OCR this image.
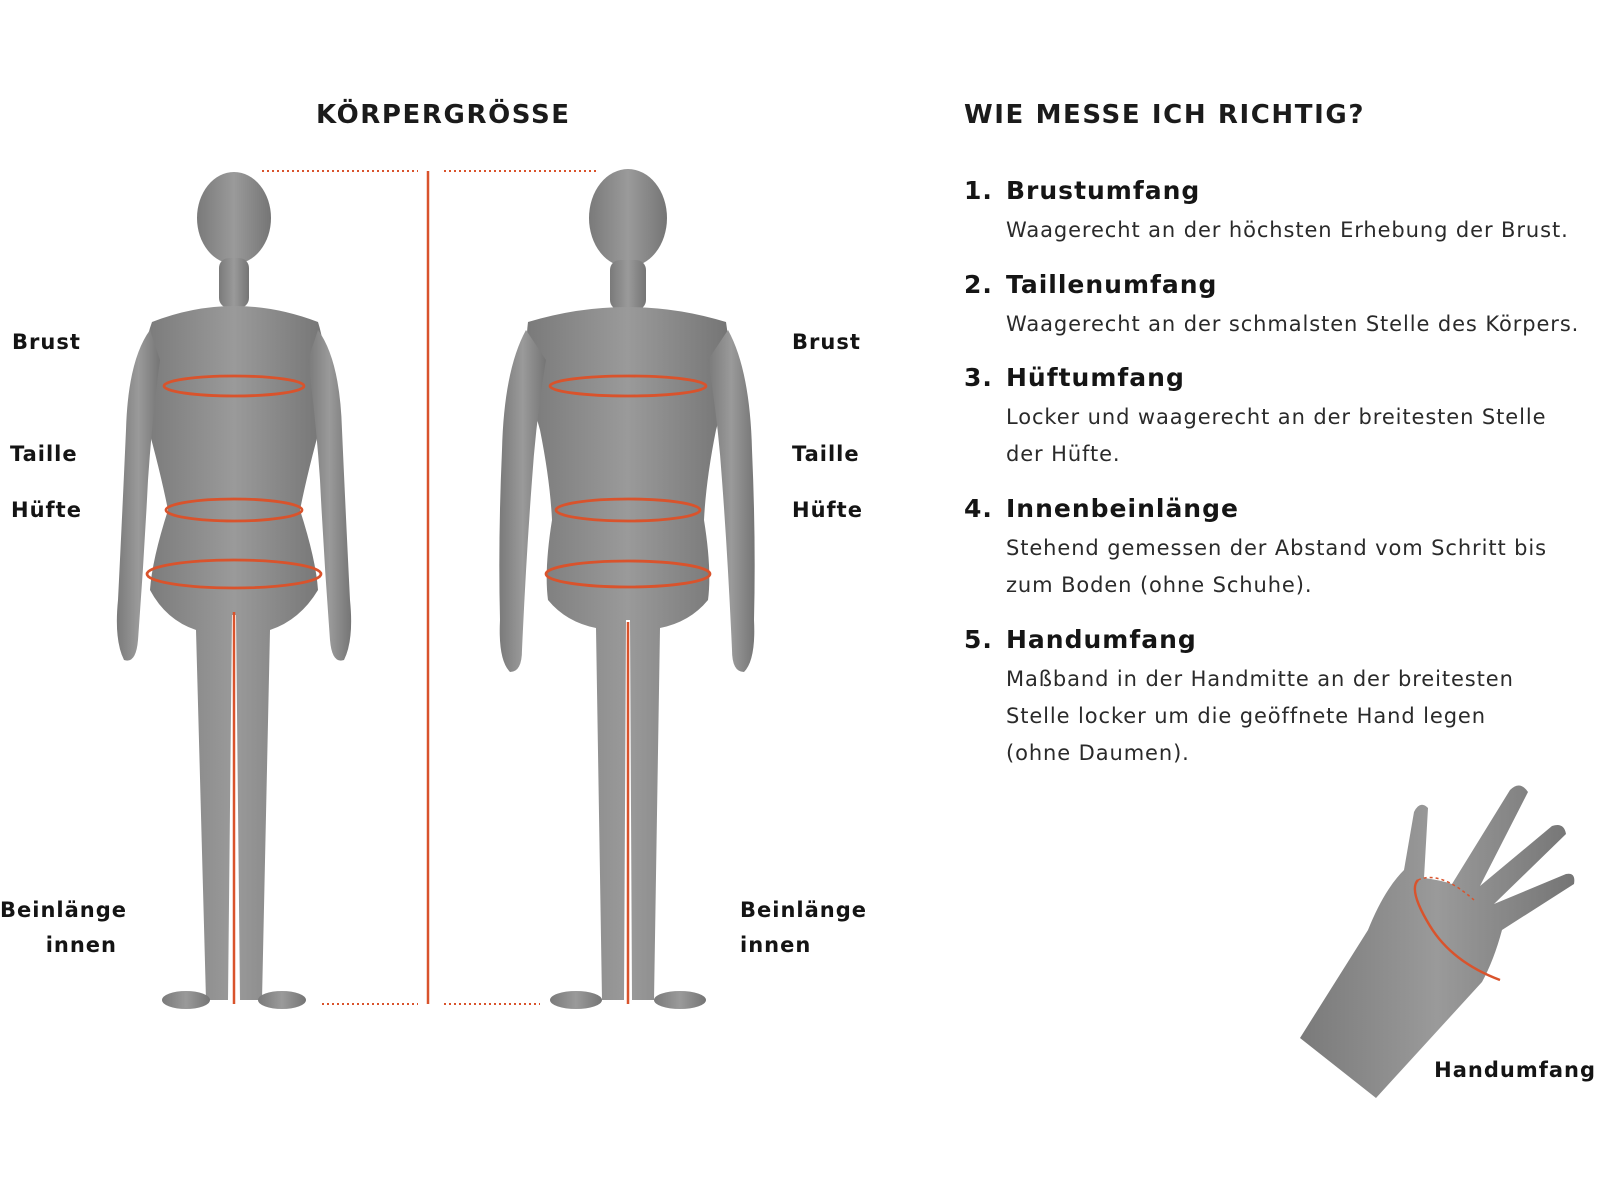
KÖRPERGRÖSSE
Brust
Taille
Hüfte
Beinlänge
innen
Brust
Taille
Hüfte
Beinlänge
innen
WIE MESSE ICH RICHTIG?
1. Brustumfang
Waagerecht an der höchsten Erhebung der Brust.
2. Taillenumfang
Waagerecht an der schmalsten Stelle des Körpers.
3. Hüftumfang
Locker und waagerecht an der breitesten Stelle
der Hüfte.
4. Innenbeinlänge
Stehend gemessen der Abstand vom Schritt bis
zum Boden (ohne Schuhe).
5. Handumfang
Maßband in der Handmitte an der breitesten
Stelle locker um die geöffnete Hand legen
(ohne Daumen).
Handumfang
